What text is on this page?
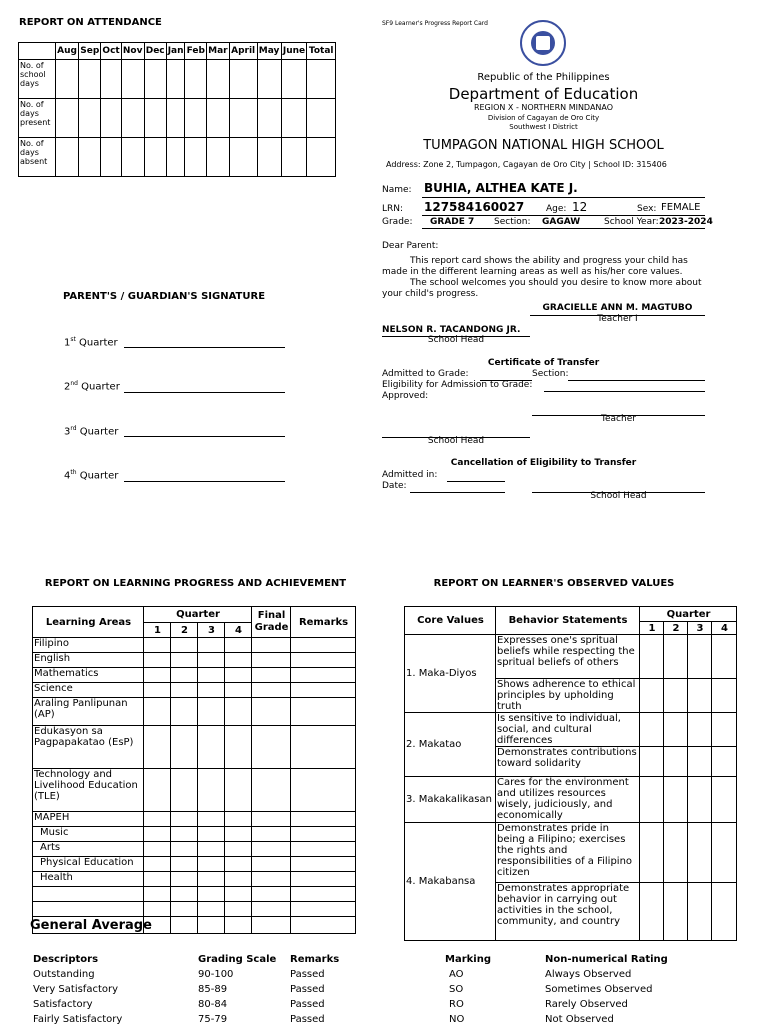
REPORT ON ATTENDANCE
	Aug	Sep	Oct	Nov	Dec	Jan	Feb	Mar	April	May	June	Total
No. of school days												
No. of days present												
No. of days absent												
PARENT'S / GUARDIAN'S SIGNATURE
1st Quarter
2nd Quarter
3rd Quarter
4th Quarter
SF9 Learner's Progress Report Card
Republic of the Philippines
Department of Education
REGION X - NORTHERN MINDANAO
Division of Cagayan de Oro City
Southwest I District
TUMPAGON NATIONAL HIGH SCHOOL
Address: Zone 2, Tumpagon, Cagayan de Oro City | School ID: 315406
Name: BUHIA, ALTHEA KATE J.
LRN: 127584160027 Age: 12	Sex: FEMALE
Grade: GRADE 7 Section: GAGAW	School Year: 2023-2024
Dear Parent:
This report card shows the ability and progress your child has made in the different learning areas as well as his/her core values.
The school welcomes you should you desire to know more about your child's progress.
GRACIELLE ANN M. MAGTUBO
Teacher I
NELSON R. TACANDONG JR.
School Head
Certificate of Transfer
Admitted to Grade:	Section:
Eligibility for Admission to Grade:
Approved:
Teacher
School Head
Cancellation of Eligibility to Transfer
Admitted in:
Date:
School Head
REPORT ON LEARNING PROGRESS AND ACHIEVEMENT
Learning Areas	Quarter				Final Grade	Remarks
	1	2	3	4		
Filipino						
English						
Mathematics						
Science						
Araling Panlipunan (AP)						
Edukasyon sa Pagpapakatao (EsP)						
Technology and Livelihood Education (TLE)						
MAPEH						
Music						
Arts						
Physical Education						
Health						

General Average						
Descriptors	Grading Scale Remarks
Outstanding	90-100	Passed
Very Satisfactory	85-89	Passed
Satisfactory	80-84	Passed
Fairly Satisfactory	75-79	Passed
REPORT ON LEARNER'S OBSERVED VALUES
Core Values	Behavior Statements	Quarter			
		1	2	3	4
1. Maka-Diyos	Expresses one's spritual beliefs while respecting the spritual beliefs of others				
	Shows adherence to ethical principles by upholding truth				
2. Makatao	Is sensitive to individual, social, and cultural differences				
	Demonstrates contributions toward solidarity				
3. Makakalikasan	Cares for the environment and utilizes resources wisely, judiciously, and economically				
4. Makabansa	Demonstrates pride in being a Filipino; exercises the rights and responsibilities of a Filipino citizen				
	Demonstrates appropriate behavior in carrying out activities in the school, community, and country				
Marking	Non-numerical Rating
AO	Always Observed
SO	Sometimes Observed
RO	Rarely Observed
NO	Not Observed
